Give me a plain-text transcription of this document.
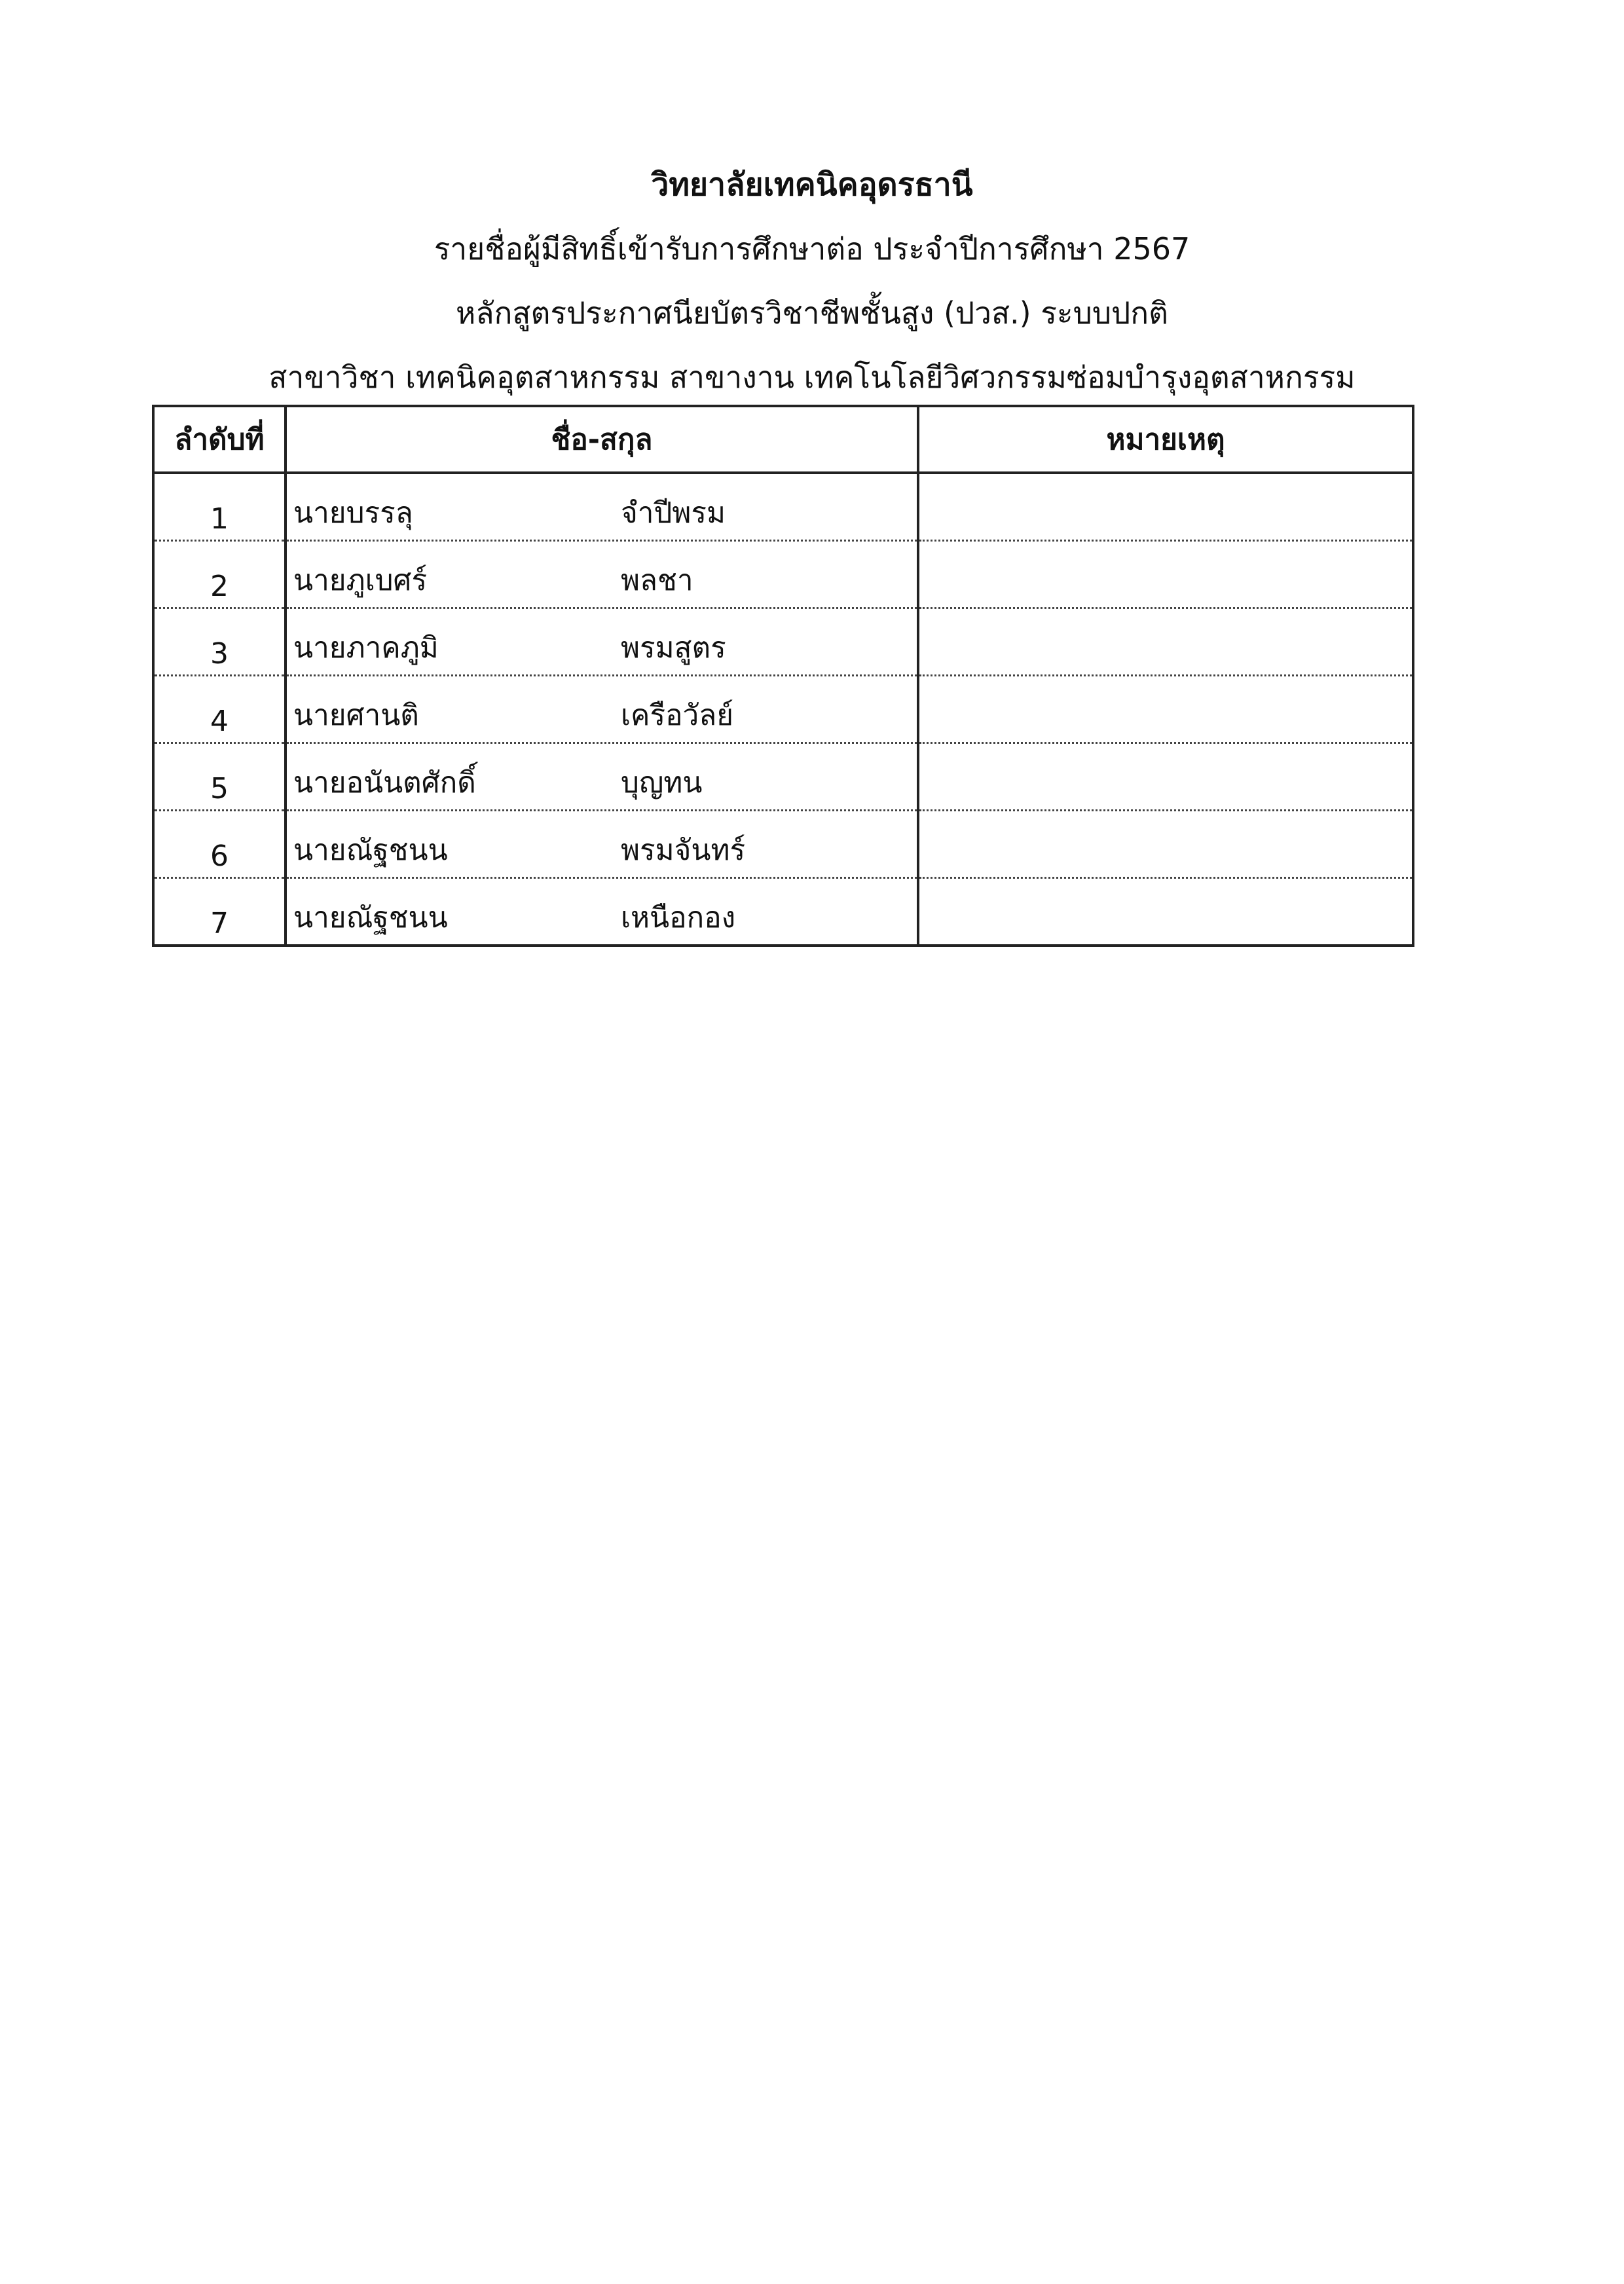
วิทยาลัยเทคนิคอุดรธานี
รายชื่อผู้มีสิทธิ์เข้ารับการศึกษาต่อ ประจำปีการศึกษา 2567
หลักสูตรประกาศนียบัตรวิชาชีพชั้นสูง (ปวส.) ระบบปกติ
สาขาวิชา เทคนิคอุตสาหกรรม สาขางาน เทคโนโลยีวิศวกรรมซ่อมบำรุงอุตสาหกรรม
ลำดับที่	ชื่อ-สกุล	หมายเหตุ
1	นายบรรลุ จำปีพรม	
2	นายภูเบศร์ พลชา	
3	นายภาคภูมิ พรมสูตร	
4	นายศานติ เครือวัลย์	
5	นายอนันตศักดิ์ บุญทน	
6	นายณัฐชนน พรมจันทร์	
7	นายณัฐชนน เหนือกอง	
